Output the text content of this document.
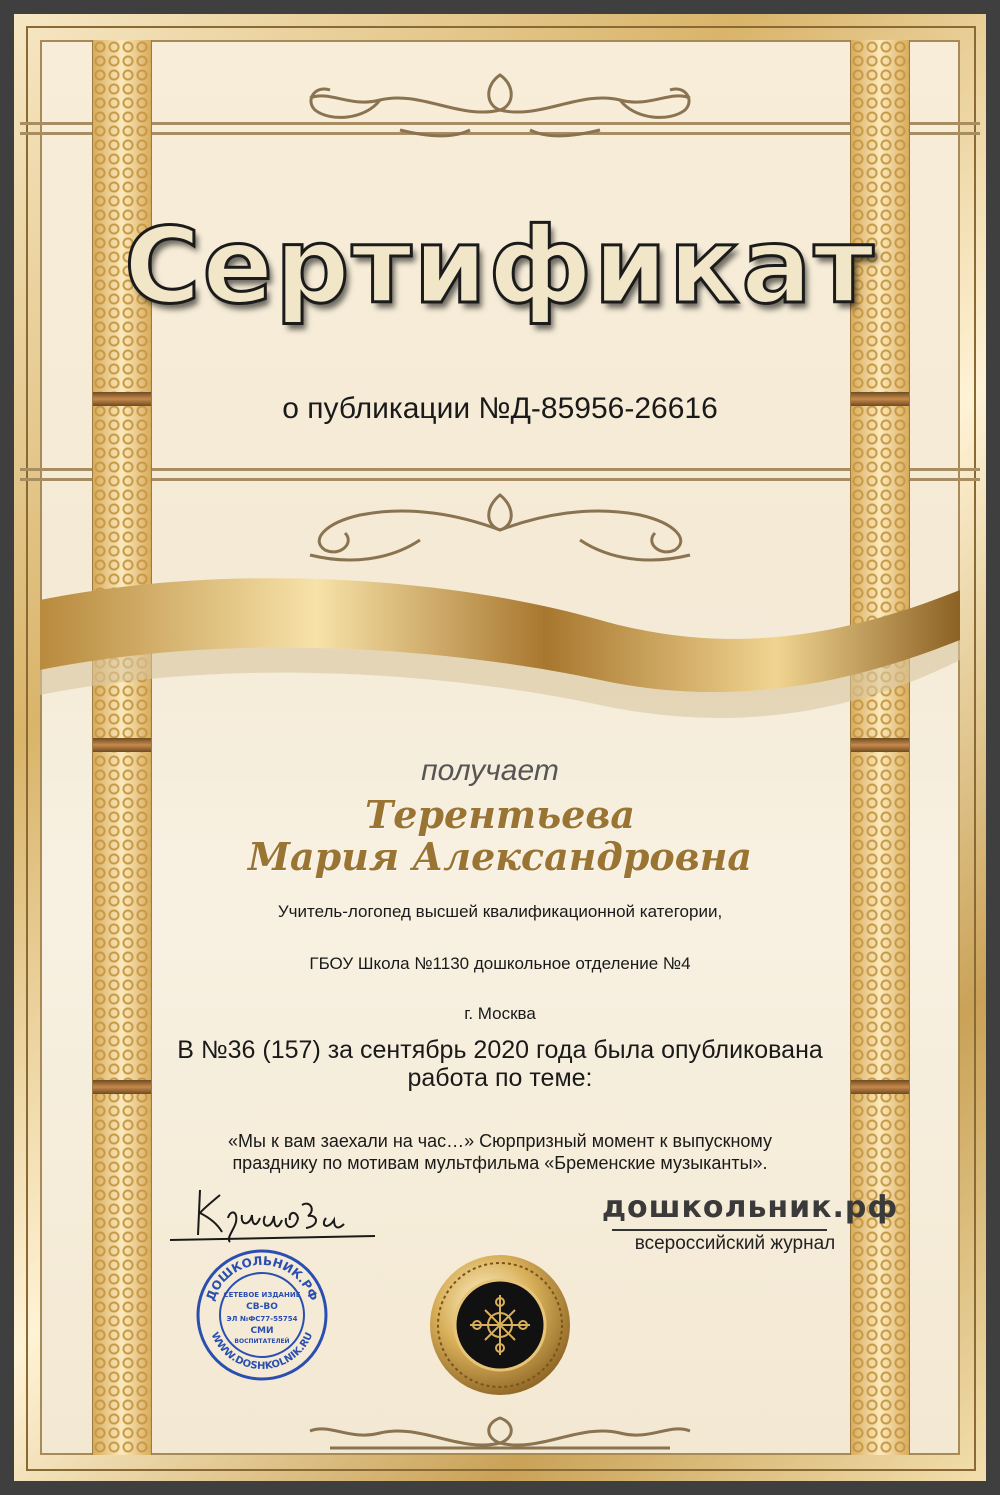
Сертификат
о публикации №Д-85956-26616
получает
Терентьева
Мария Александровна
Учитель-логопед высшей квалификационной категории,
ГБОУ Школа №1130 дошкольное отделение №4
г. Москва
В №36 (157) за сентябрь 2020 года была опубликована
работа по теме:
«Мы к вам заехали на час…» Сюрпризный момент к выпускному
празднику по мотивам мультфильма «Бременские музыканты».
дошкольник.рф
всероссийский журнал
ДОШКОЛЬНИК.РФ
WWW.DOSHKOLNIK.RU
СЕТЕВОЕ ИЗДАНИЕ
СВ-ВО
ЭЛ №ФС77-55754
СМИ
ВОСПИТАТЕЛЕЙ
